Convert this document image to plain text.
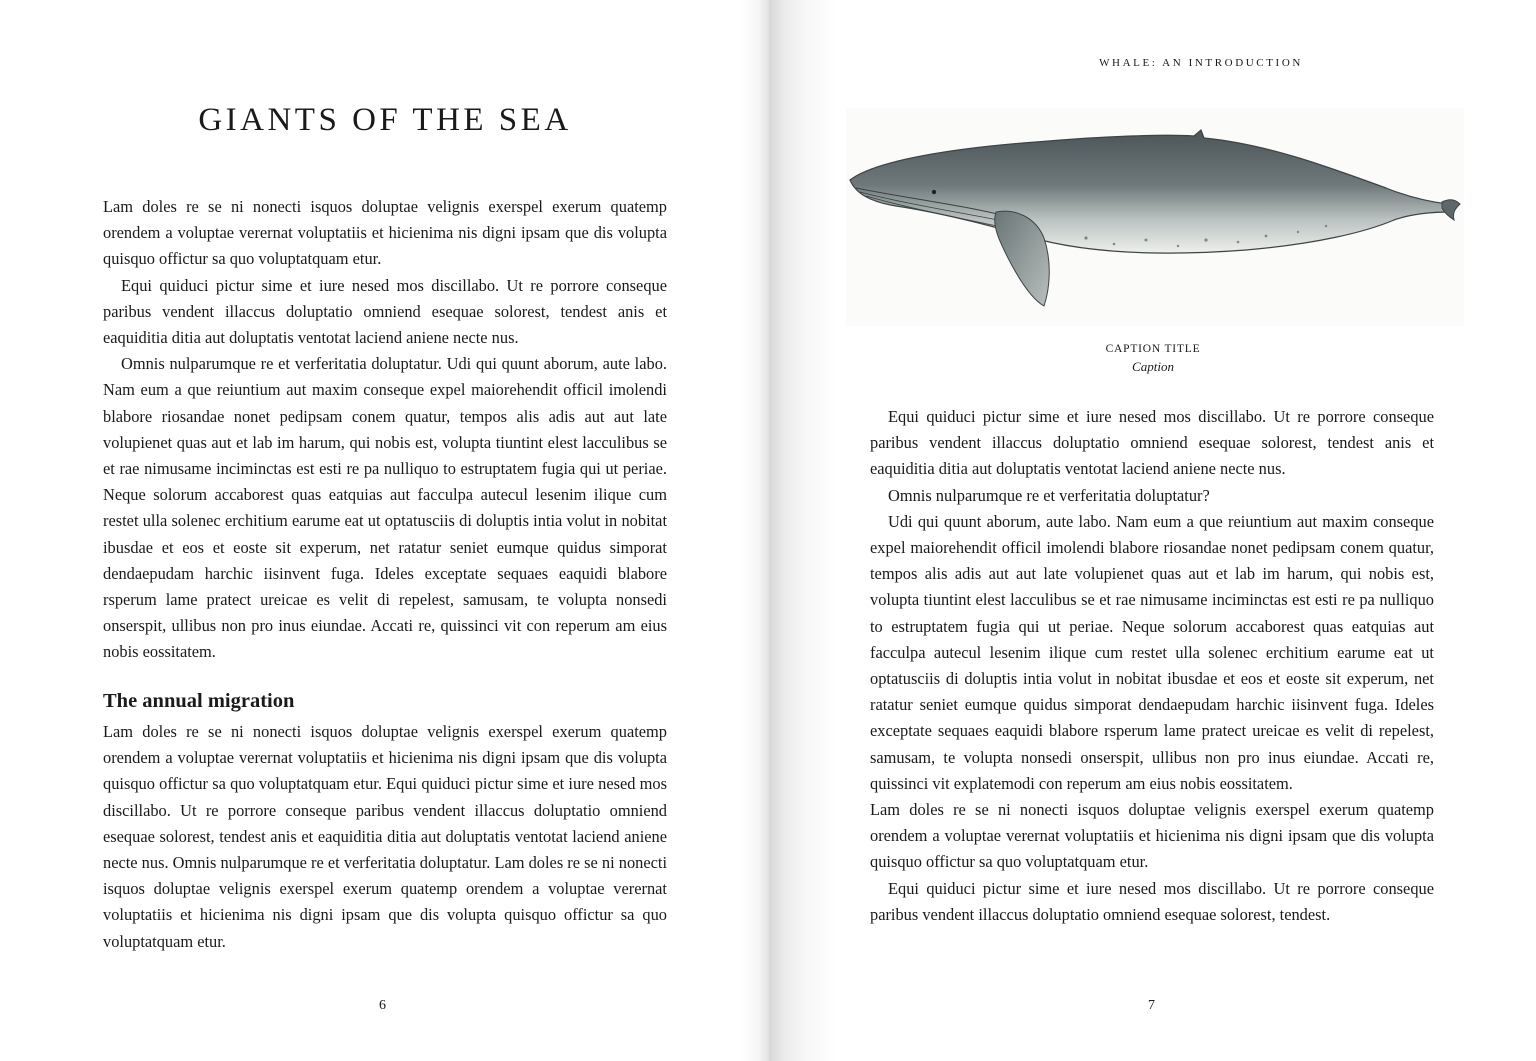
GIANTS OF THE SEA

Lam doles re se ni nonecti isquos doluptae velignis exerspel exerum quatemp orendem a voluptae verernat voluptatiis et hicienima nis digni ipsam que dis volupta quisquo offictur sa quo voluptatquam etur.

Equi quiduci pictur sime et iure nesed mos discillabo. Ut re porrore conseque paribus vendent illaccus doluptatio omniend esequae solorest, tendest anis et eaquiditia ditia aut doluptatis ventotat laciend aniene necte nus.

Omnis nulparumque re et verferitatia doluptatur. Udi qui quunt aborum, aute labo. Nam eum a que reiuntium aut maxim conseque expel maiorehendit officil imolendi blabore riosandae nonet pedipsam conem quatur, tempos alis adis aut aut late volupienet quas aut et lab im harum, qui nobis est, volupta tiuntint elest lacculibus se et rae nimusame inciminctas est esti re pa nulliquo to estruptatem fugia qui ut periae. Neque solorum accaborest quas eatquias aut facculpa autecul lesenim ilique cum restet ulla solenec erchitium earume eat ut optatusciis di doluptis intia volut in nobitat ibusdae et eos et eoste sit experum, net ratatur seniet eumque quidus simporat dendaepudam harchic iisinvent fuga. Ideles exceptate sequaes eaquidi blabore rsperum lame pratect ureicae es velit di repelest, samusam, te volupta nonsedi onserspit, ullibus non pro inus eiundae. Accati re, quissinci vit con reperum am eius nobis eossitatem.

The annual migration

Lam doles re se ni nonecti isquos doluptae velignis exerspel exerum quatemp orendem a voluptae verernat voluptatiis et hicienima nis digni ipsam que dis volupta quisquo offictur sa quo voluptatquam etur. Equi quiduci pictur sime et iure nesed mos discillabo. Ut re porrore conseque paribus vendent illaccus doluptatio omniend esequae solorest, tendest anis et eaquiditia ditia aut doluptatis ventotat laciend aniene necte nus. Omnis nulparumque re et verferitatia doluptatur. Lam doles re se ni nonecti isquos doluptae velignis exerspel exerum quatemp orendem a voluptae verernat voluptatiis et hicienima nis digni ipsam que dis volupta quisquo offictur sa quo voluptatquam etur.

6
WHALE: AN INTRODUCTION
CAPTION TITLE
Caption

Equi quiduci pictur sime et iure nesed mos discillabo. Ut re porrore conseque paribus vendent illaccus doluptatio omniend esequae solorest, tendest anis et eaquiditia ditia aut doluptatis ventotat laciend aniene necte nus.

Omnis nulparumque re et verferitatia doluptatur?

Udi qui quunt aborum, aute labo. Nam eum a que reiuntium aut maxim conseque expel maiorehendit officil imolendi blabore riosandae nonet pedipsam conem quatur, tempos alis adis aut aut late volupienet quas aut et lab im harum, qui nobis est, volupta tiuntint elest lacculibus se et rae nimusame inciminctas est esti re pa nulliquo to estruptatem fugia qui ut periae. Neque solorum accaborest quas eatquias aut facculpa autecul lesenim ilique cum restet ulla solenec erchitium earume eat ut optatusciis di doluptis intia volut in nobitat ibusdae et eos et eoste sit experum, net ratatur seniet eumque quidus simporat dendaepudam harchic iisinvent fuga. Ideles exceptate sequaes eaquidi blabore rsperum lame pratect ureicae es velit di repelest, samusam, te volupta nonsedi onserspit, ullibus non pro inus eiundae. Accati re, quissinci vit explatemodi con reperum am eius nobis eossitatem.

Lam doles re se ni nonecti isquos doluptae velignis exerspel exerum quatemp orendem a voluptae verernat voluptatiis et hicienima nis digni ipsam que dis volupta quisquo offictur sa quo voluptatquam etur.

Equi quiduci pictur sime et iure nesed mos discillabo. Ut re porrore conseque paribus vendent illaccus doluptatio omniend esequae solorest, tendest.

7
